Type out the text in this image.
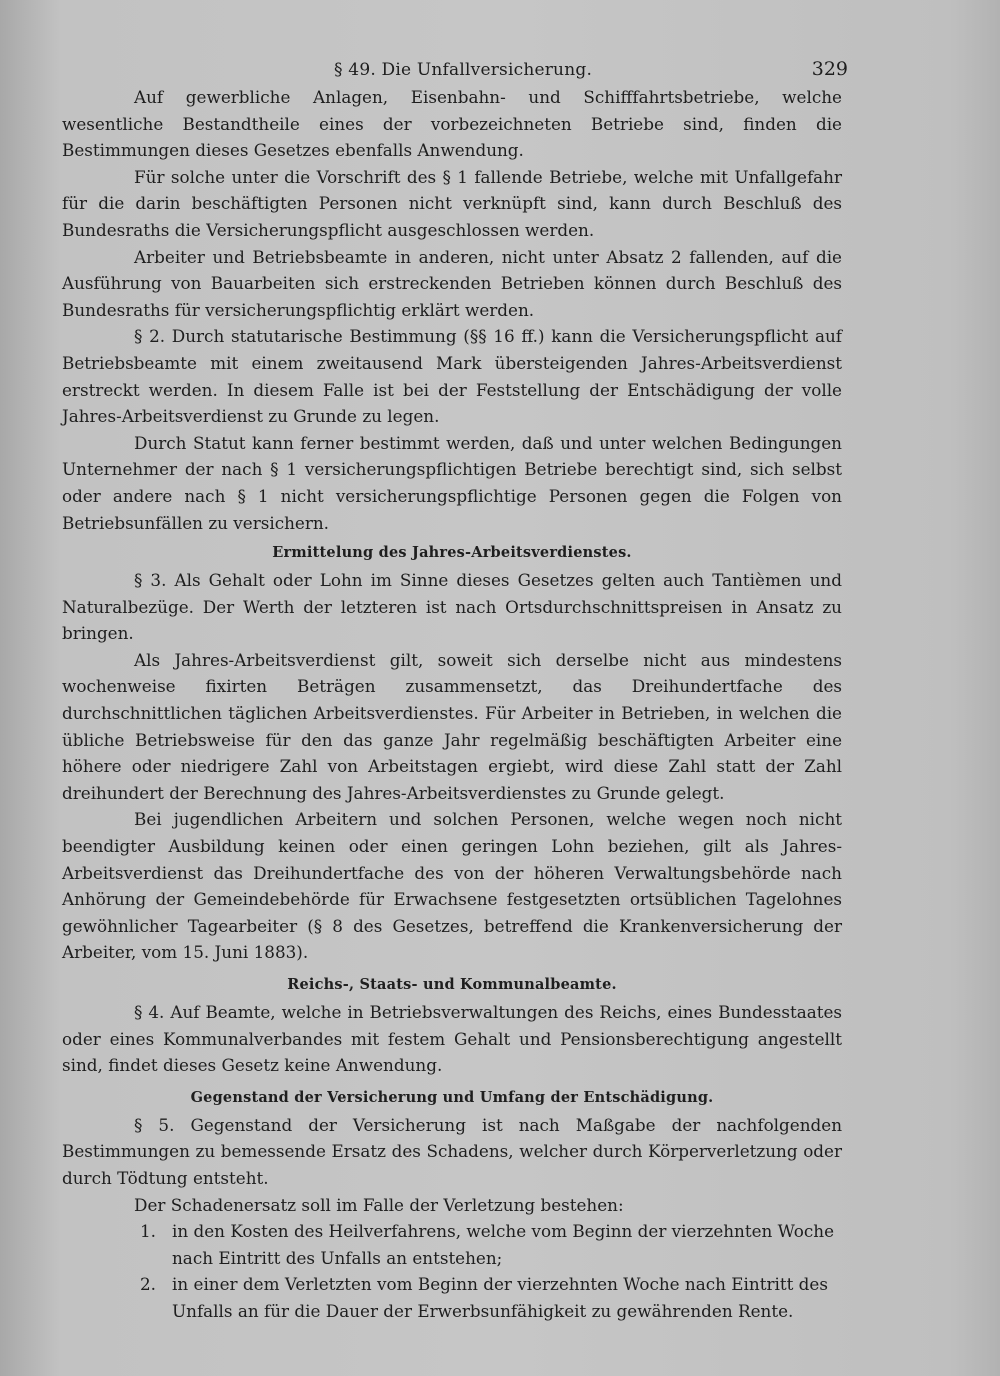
§ 49. Die Unfallversicherung.	329

Auf gewerbliche Anlagen, Eisenbahn- und Schifffahrtsbetriebe, welche wesentliche Bestandtheile eines der vorbezeichneten Betriebe sind, finden die Bestimmungen dieses Gesetzes ebenfalls Anwendung.

Für solche unter die Vorschrift des § 1 fallende Betriebe, welche mit Unfallgefahr für die darin beschäftigten Personen nicht verknüpft sind, kann durch Beschluß des Bundesraths die Versicherungspflicht ausgeschlossen werden.

Arbeiter und Betriebsbeamte in anderen, nicht unter Absatz 2 fallenden, auf die Ausführung von Bauarbeiten sich erstreckenden Betrieben können durch Beschluß des Bundesraths für versicherungspflichtig erklärt werden.

§ 2. Durch statutarische Bestimmung (§§ 16 ff.) kann die Versicherungspflicht auf Betriebsbeamte mit einem zweitausend Mark übersteigenden Jahres-Arbeitsverdienst erstreckt werden. In diesem Falle ist bei der Feststellung der Entschädigung der volle Jahres-Arbeitsverdienst zu Grunde zu legen.

Durch Statut kann ferner bestimmt werden, daß und unter welchen Bedingungen Unternehmer der nach § 1 versicherungspflichtigen Betriebe berechtigt sind, sich selbst oder andere nach § 1 nicht versicherungspflichtige Personen gegen die Folgen von Betriebsunfällen zu versichern.

Ermittelung des Jahres-Arbeitsverdienstes.

§ 3. Als Gehalt oder Lohn im Sinne dieses Gesetzes gelten auch Tantièmen und Naturalbezüge. Der Werth der letzteren ist nach Ortsdurchschnittspreisen in Ansatz zu bringen.

Als Jahres-Arbeitsverdienst gilt, soweit sich derselbe nicht aus mindestens wochenweise fixirten Beträgen zusammensetzt, das Dreihundertfache des durchschnittlichen täglichen Arbeitsverdienstes. Für Arbeiter in Betrieben, in welchen die übliche Betriebsweise für den das ganze Jahr regelmäßig beschäftigten Arbeiter eine höhere oder niedrigere Zahl von Arbeitstagen ergiebt, wird diese Zahl statt der Zahl dreihundert der Berechnung des Jahres-Arbeitsverdienstes zu Grunde gelegt.

Bei jugendlichen Arbeitern und solchen Personen, welche wegen noch nicht beendigter Ausbildung keinen oder einen geringen Lohn beziehen, gilt als Jahres-Arbeitsverdienst das Dreihundertfache des von der höheren Verwaltungsbehörde nach Anhörung der Gemeindebehörde für Erwachsene festgesetzten ortsüblichen Tagelohnes gewöhnlicher Tagearbeiter (§ 8 des Gesetzes, betreffend die Krankenversicherung der Arbeiter, vom 15. Juni 1883).

Reichs-, Staats- und Kommunalbeamte.

§ 4. Auf Beamte, welche in Betriebsverwaltungen des Reichs, eines Bundesstaates oder eines Kommunalverbandes mit festem Gehalt und Pensionsberechtigung angestellt sind, findet dieses Gesetz keine Anwendung.

Gegenstand der Versicherung und Umfang der Entschädigung.

§ 5. Gegenstand der Versicherung ist nach Maßgabe der nachfolgenden Bestimmungen zu bemessende Ersatz des Schadens, welcher durch Körperverletzung oder durch Tödtung entsteht.

Der Schadenersatz soll im Falle der Verletzung bestehen:

1. in den Kosten des Heilverfahrens, welche vom Beginn der vierzehnten Woche nach Eintritt des Unfalls an entstehen;
2. in einer dem Verletzten vom Beginn der vierzehnten Woche nach Eintritt des Unfalls an für die Dauer der Erwerbsunfähigkeit zu gewährenden Rente.
